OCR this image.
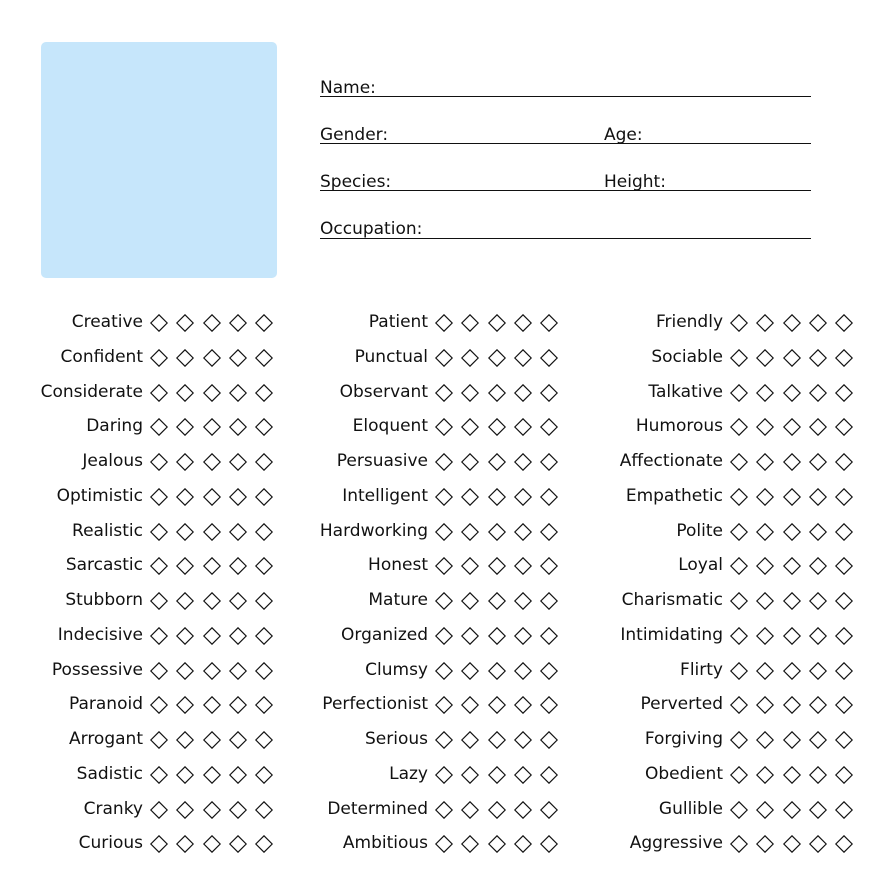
Name:
Gender:	Age:
Species:	Height:
Occupation:
Creative
Confident
Considerate
Daring
Jealous
Optimistic
Realistic
Sarcastic
Stubborn
Indecisive
Possessive
Paranoid
Arrogant
Sadistic
Cranky
Curious
Patient
Punctual
Observant
Eloquent
Persuasive
Intelligent
Hardworking
Honest
Mature
Organized
Clumsy
Perfectionist
Serious
Lazy
Determined
Ambitious
Friendly
Sociable
Talkative
Humorous
Affectionate
Empathetic
Polite
Loyal
Charismatic
Intimidating
Flirty
Perverted
Forgiving
Obedient
Gullible
Aggressive
